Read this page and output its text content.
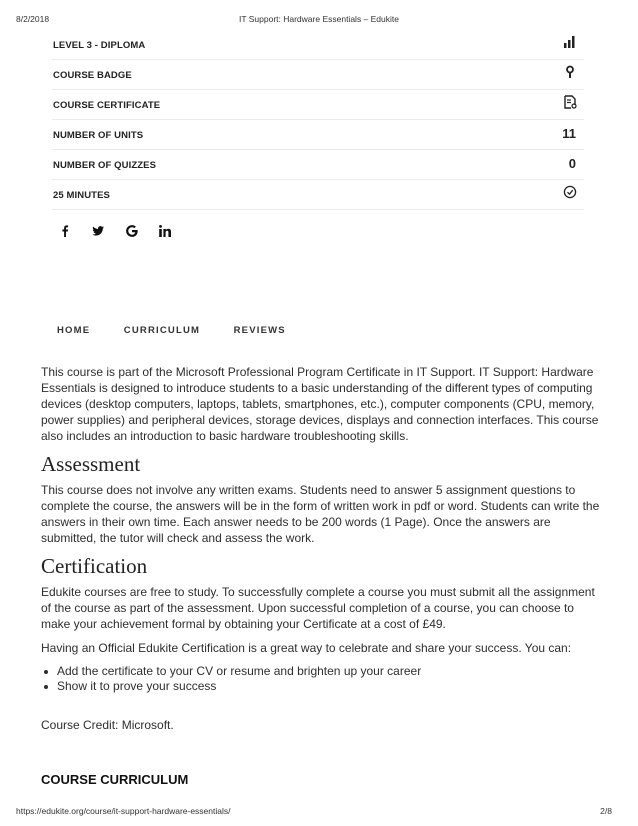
8/2/2018	IT Support: Hardware Essentials – Edukite
LEVEL 3 - DIPLOMA
COURSE BADGE
COURSE CERTIFICATE
NUMBER OF UNITS	11
NUMBER OF QUIZZES	0
25 MINUTES

HOME	CURRICULUM	REVIEWS

This course is part of the Microsoft Professional Program Certificate in IT Support. IT Support: Hardware Essentials is designed to introduce students to a basic understanding of the different types of computing devices (desktop computers, laptops, tablets, smartphones, etc.), computer components (CPU, memory, power supplies) and peripheral devices, storage devices, displays and connection interfaces. This course also includes an introduction to basic hardware troubleshooting skills.

Assessment

This course does not involve any written exams. Students need to answer 5 assignment questions to complete the course, the answers will be in the form of written work in pdf or word. Students can write the answers in their own time. Each answer needs to be 200 words (1 Page). Once the answers are submitted, the tutor will check and assess the work.

Certification

Edukite courses are free to study. To successfully complete a course you must submit all the assignment of the course as part of the assessment. Upon successful completion of a course, you can choose to make your achievement formal by obtaining your Certificate at a cost of £49.

Having an Official Edukite Certification is a great way to celebrate and share your success. You can:

Add the certificate to your CV or resume and brighten up your career
Show it to prove your success

Course Credit: Microsoft.

COURSE CURRICULUM
https://edukite.org/course/it-support-hardware-essentials/	2/8
